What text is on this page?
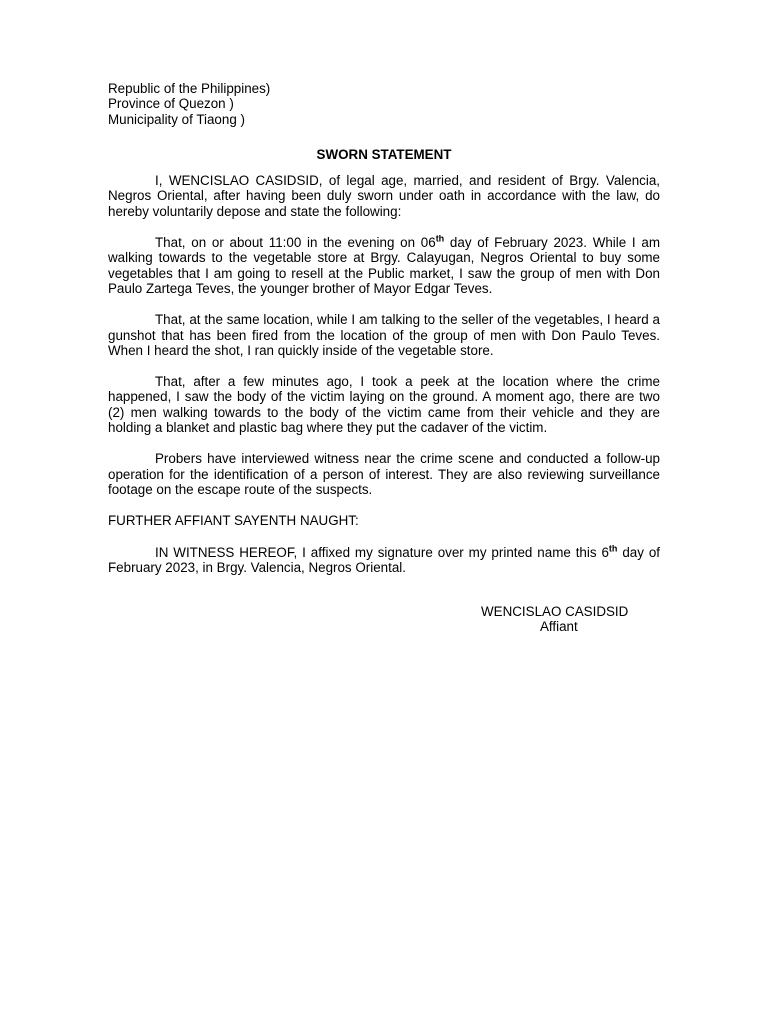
Republic of the Philippines)

Province of Quezon )

Municipality of Tiaong )

SWORN STATEMENT

I, WENCISLAO CASIDSID, of legal age, married, and resident of Brgy. Valencia, Negros Oriental, after having been duly sworn under oath in accordance with the law, do hereby voluntarily depose and state the following:

That, on or about 11:00 in the evening on 06th day of February 2023. While I am walking towards to the vegetable store at Brgy. Calayugan, Negros Oriental to buy some vegetables that I am going to resell at the Public market, I saw the group of men with Don Paulo Zartega Teves, the younger brother of Mayor Edgar Teves.

That, at the same location, while I am talking to the seller of the vegetables, I heard a gunshot that has been fired from the location of the group of men with Don Paulo Teves. When I heard the shot, I ran quickly inside of the vegetable store.

That, after a few minutes ago, I took a peek at the location where the crime happened, I saw the body of the victim laying on the ground. A moment ago, there are two (2) men walking towards to the body of the victim came from their vehicle and they are holding a blanket and plastic bag where they put the cadaver of the victim.

Probers have interviewed witness near the crime scene and conducted a follow-up operation for the identification of a person of interest. They are also reviewing surveillance footage on the escape route of the suspects.

FURTHER AFFIANT SAYENTH NAUGHT:

IN WITNESS HEREOF, I affixed my signature over my printed name this 6th day of February 2023, in Brgy. Valencia, Negros Oriental.

WENCISLAO CASIDSID

Affiant
